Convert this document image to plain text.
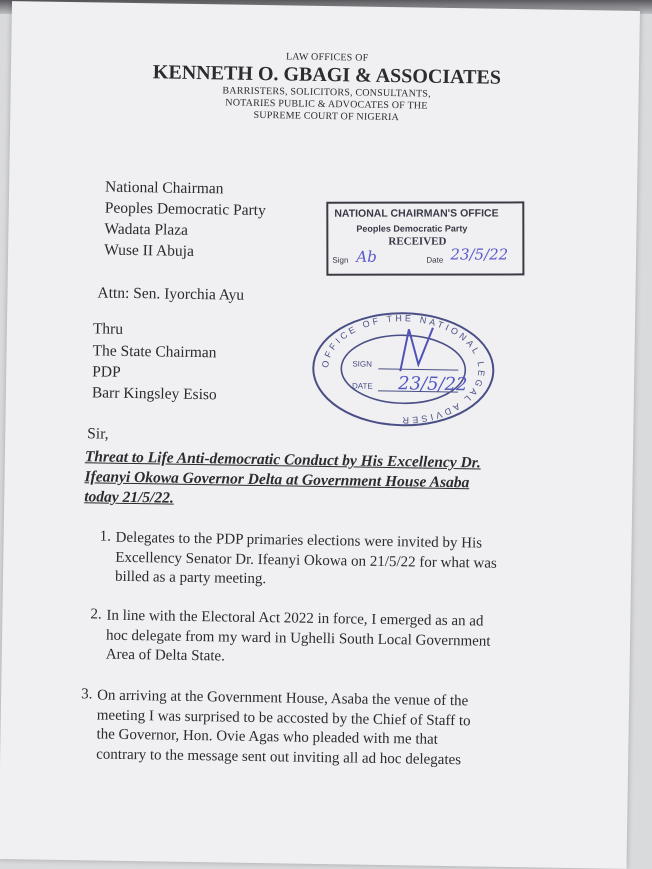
LAW OFFICES OF
KENNETH O. GBAGI & ASSOCIATES
BARRISTERS, SOLICITORS, CONSULTANTS,
NOTARIES PUBLIC & ADVOCATES OF THE
SUPREME COURT OF NIGERIA
National Chairman
Peoples Democratic Party
Wadata Plaza
Wuse II Abuja
NATIONAL CHAIRMAN'S OFFICE
Peoples Democratic Party
RECEIVED
Sign	Date
Ab	23/5/22
Attn: Sen. Iyorchia Ayu
OFFICE OF THE NATIONAL LEGAL ADVISER
SIGN
DATE 23/5/22
Thru
The State Chairman
PDP
Barr Kingsley Esiso
Sir,
Threat to Life Anti-democratic Conduct by His Excellency Dr.
Ifeanyi Okowa Governor Delta at Government House Asaba
today 21/5/22.
1. Delegates to the PDP primaries elections were invited by His
Excellency Senator Dr. Ifeanyi Okowa on 21/5/22 for what was
billed as a party meeting.
2. In line with the Electoral Act 2022 in force, I emerged as an ad
hoc delegate from my ward in Ughelli South Local Government
Area of Delta State.
3. On arriving at the Government House, Asaba the venue of the
meeting I was surprised to be accosted by the Chief of Staff to
the Governor, Hon. Ovie Agas who pleaded with me that
contrary to the message sent out inviting all ad hoc delegates
